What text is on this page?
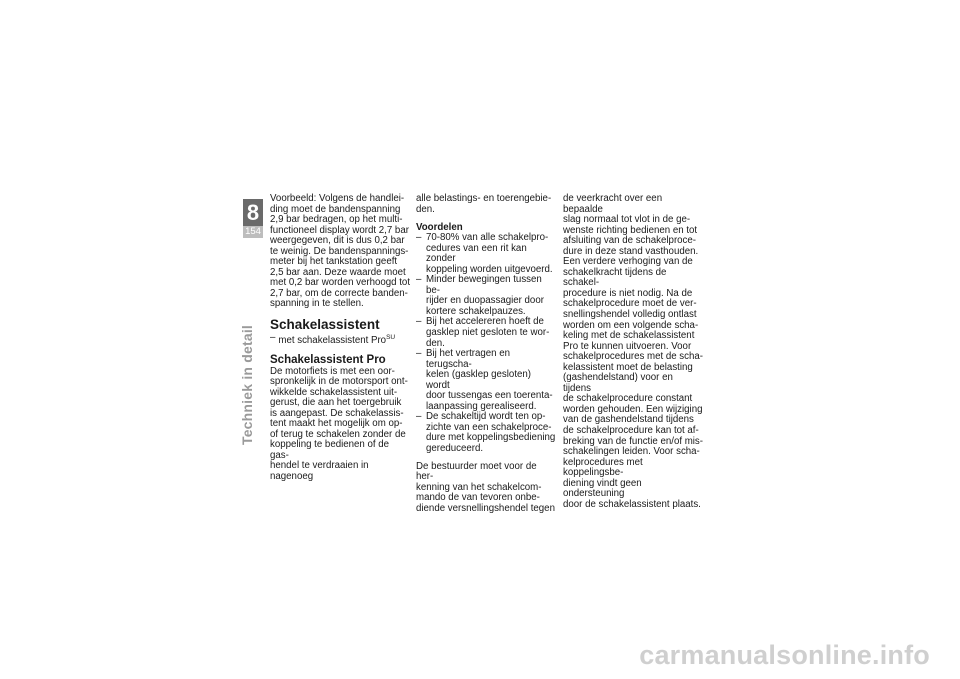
8
154
Techniek in detail

Voorbeeld: Volgens de handlei-
ding moet de bandenspanning
2,9 bar bedragen, op het multi-
functioneel display wordt 2,7 bar
weergegeven, dit is dus 0,2 bar
te weinig. De bandenspannings-
meter bij het tankstation geeft
2,5 bar aan. Deze waarde moet
met 0,2 bar worden verhoogd tot
2,7 bar, om de correcte banden-
spanning in te stellen.

Schakelassistent
– met schakelassistent Pro$^{SU}$
Schakelassistent Pro

De motorfiets is met een oor-
spronkelijk in de motorsport ont-
wikkelde schakelassistent uit-
gerust, die aan het toergebruik
is aangepast. De schakelassis-
tent maakt het mogelijk om op-
of terug te schakelen zonder de
koppeling te bedienen of de gas-
hendel te verdraaien in nagenoeg

alle belastings- en toerengebie-
den.

Voordelen
– 70-80% van alle schakelpro-
cedures van een rit kan zonder
koppeling worden uitgevoerd.
– Minder bewegingen tussen be-
rijder en duopassagier door
kortere schakelpauzes.
– Bij het accelereren hoeft de
gasklep niet gesloten te wor-
den.
– Bij het vertragen en terugscha-
kelen (gasklep gesloten) wordt
door tussengas een toerenta-
laanpassing gerealiseerd.
– De schakeltijd wordt ten op-
zichte van een schakelproce-
dure met koppelingsbediening
gereduceerd.

De bestuurder moet voor de her-
kenning van het schakelcom-
mando de van tevoren onbe-
diende versnellingshendel tegen

de veerkracht over een bepaalde
slag normaal tot vlot in de ge-
wenste richting bedienen en tot
afsluiting van de schakelproce-
dure in deze stand vasthouden.
Een verdere verhoging van de
schakelkracht tijdens de schakel-
procedure is niet nodig. Na de
schakelprocedure moet de ver-
snellingshendel volledig ontlast
worden om een volgende scha-
keling met de schakelassistent
Pro te kunnen uitvoeren. Voor
schakelprocedures met de scha-
kelassistent moet de belasting
(gashendelstand) voor en tijdens
de schakelprocedure constant
worden gehouden. Een wijziging
van de gashendelstand tijdens
de schakelprocedure kan tot af-
breking van de functie en/of mis-
schakelingen leiden. Voor scha-
kelprocedures met koppelingsbe-
diening vindt geen ondersteuning
door de schakelassistent plaats.

carmanualsonline.info
